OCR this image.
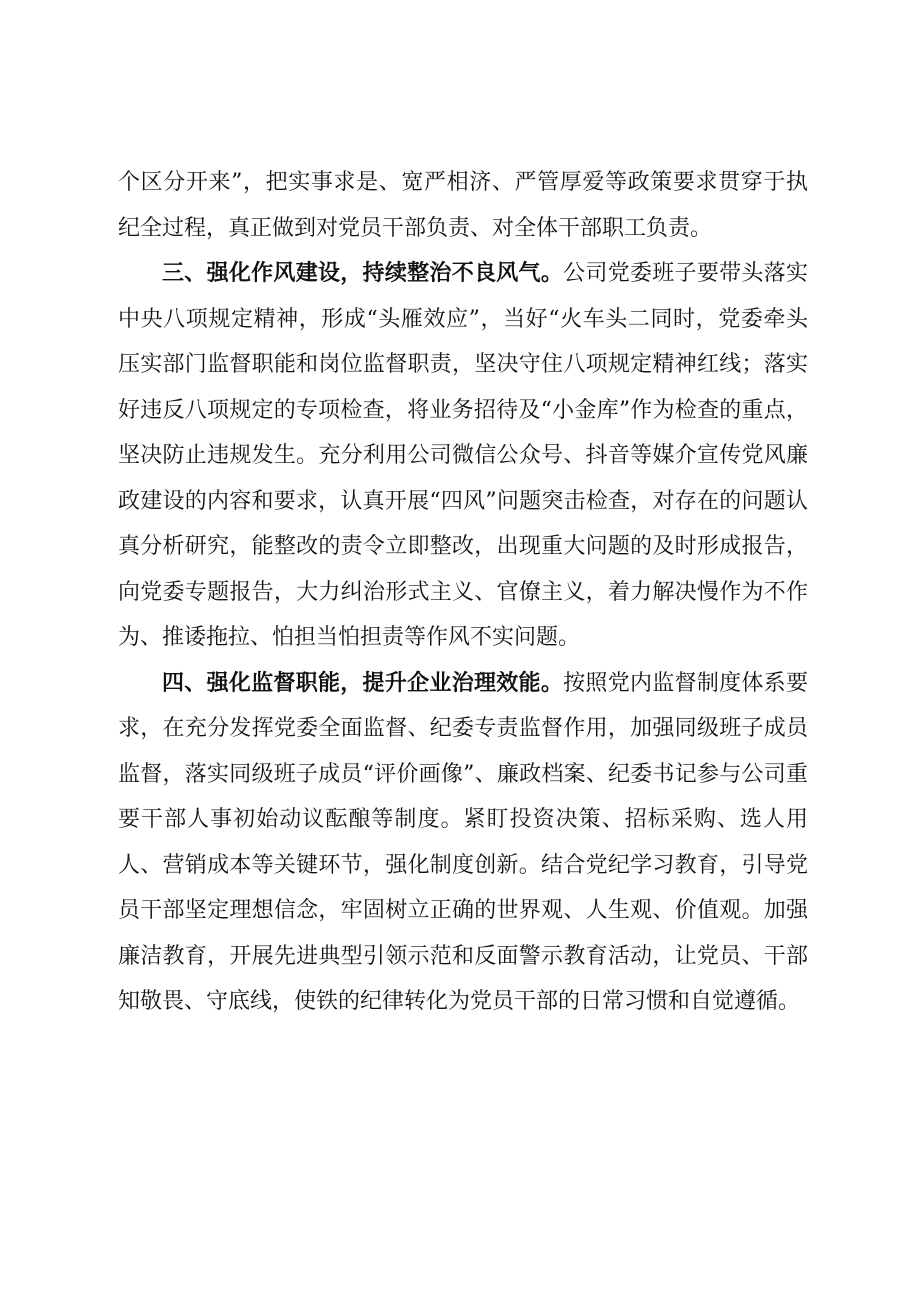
个区分开来”，把实事求是、宽严相济、严管厚爱等政策要求贯穿于执纪全过程，真正做到对党员干部负责、对全体干部职工负责。

三、强化作风建设，持续整治不良风气。公司党委班子要带头落实中央八项规定精神，形成“头雁效应”，当好“火车头二同时，党委牵头压实部门监督职能和岗位监督职责，坚决守住八项规定精神红线；落实好违反八项规定的专项检查，将业务招待及“小金库”作为检查的重点，坚决防止违规发生。充分利用公司微信公众号、抖音等媒介宣传党风廉政建设的内容和要求，认真开展“四风”问题突击检查，对存在的问题认真分析研究，能整改的责令立即整改，出现重大问题的及时形成报告，向党委专题报告，大力纠治形式主义、官僚主义，着力解决慢作为不作为、推诿拖拉、怕担当怕担责等作风不实问题。

四、强化监督职能，提升企业治理效能。按照党内监督制度体系要求，在充分发挥党委全面监督、纪委专责监督作用，加强同级班子成员监督，落实同级班子成员“评价画像”、廉政档案、纪委书记参与公司重要干部人事初始动议酝酿等制度。紧盯投资决策、招标采购、选人用人、营销成本等关键环节，强化制度创新。结合党纪学习教育，引导党员干部坚定理想信念，牢固树立正确的世界观、人生观、价值观。加强廉洁教育，开展先进典型引领示范和反面警示教育活动，让党员、干部知敬畏、守底线，使铁的纪律转化为党员干部的日常习惯和自觉遵循。
